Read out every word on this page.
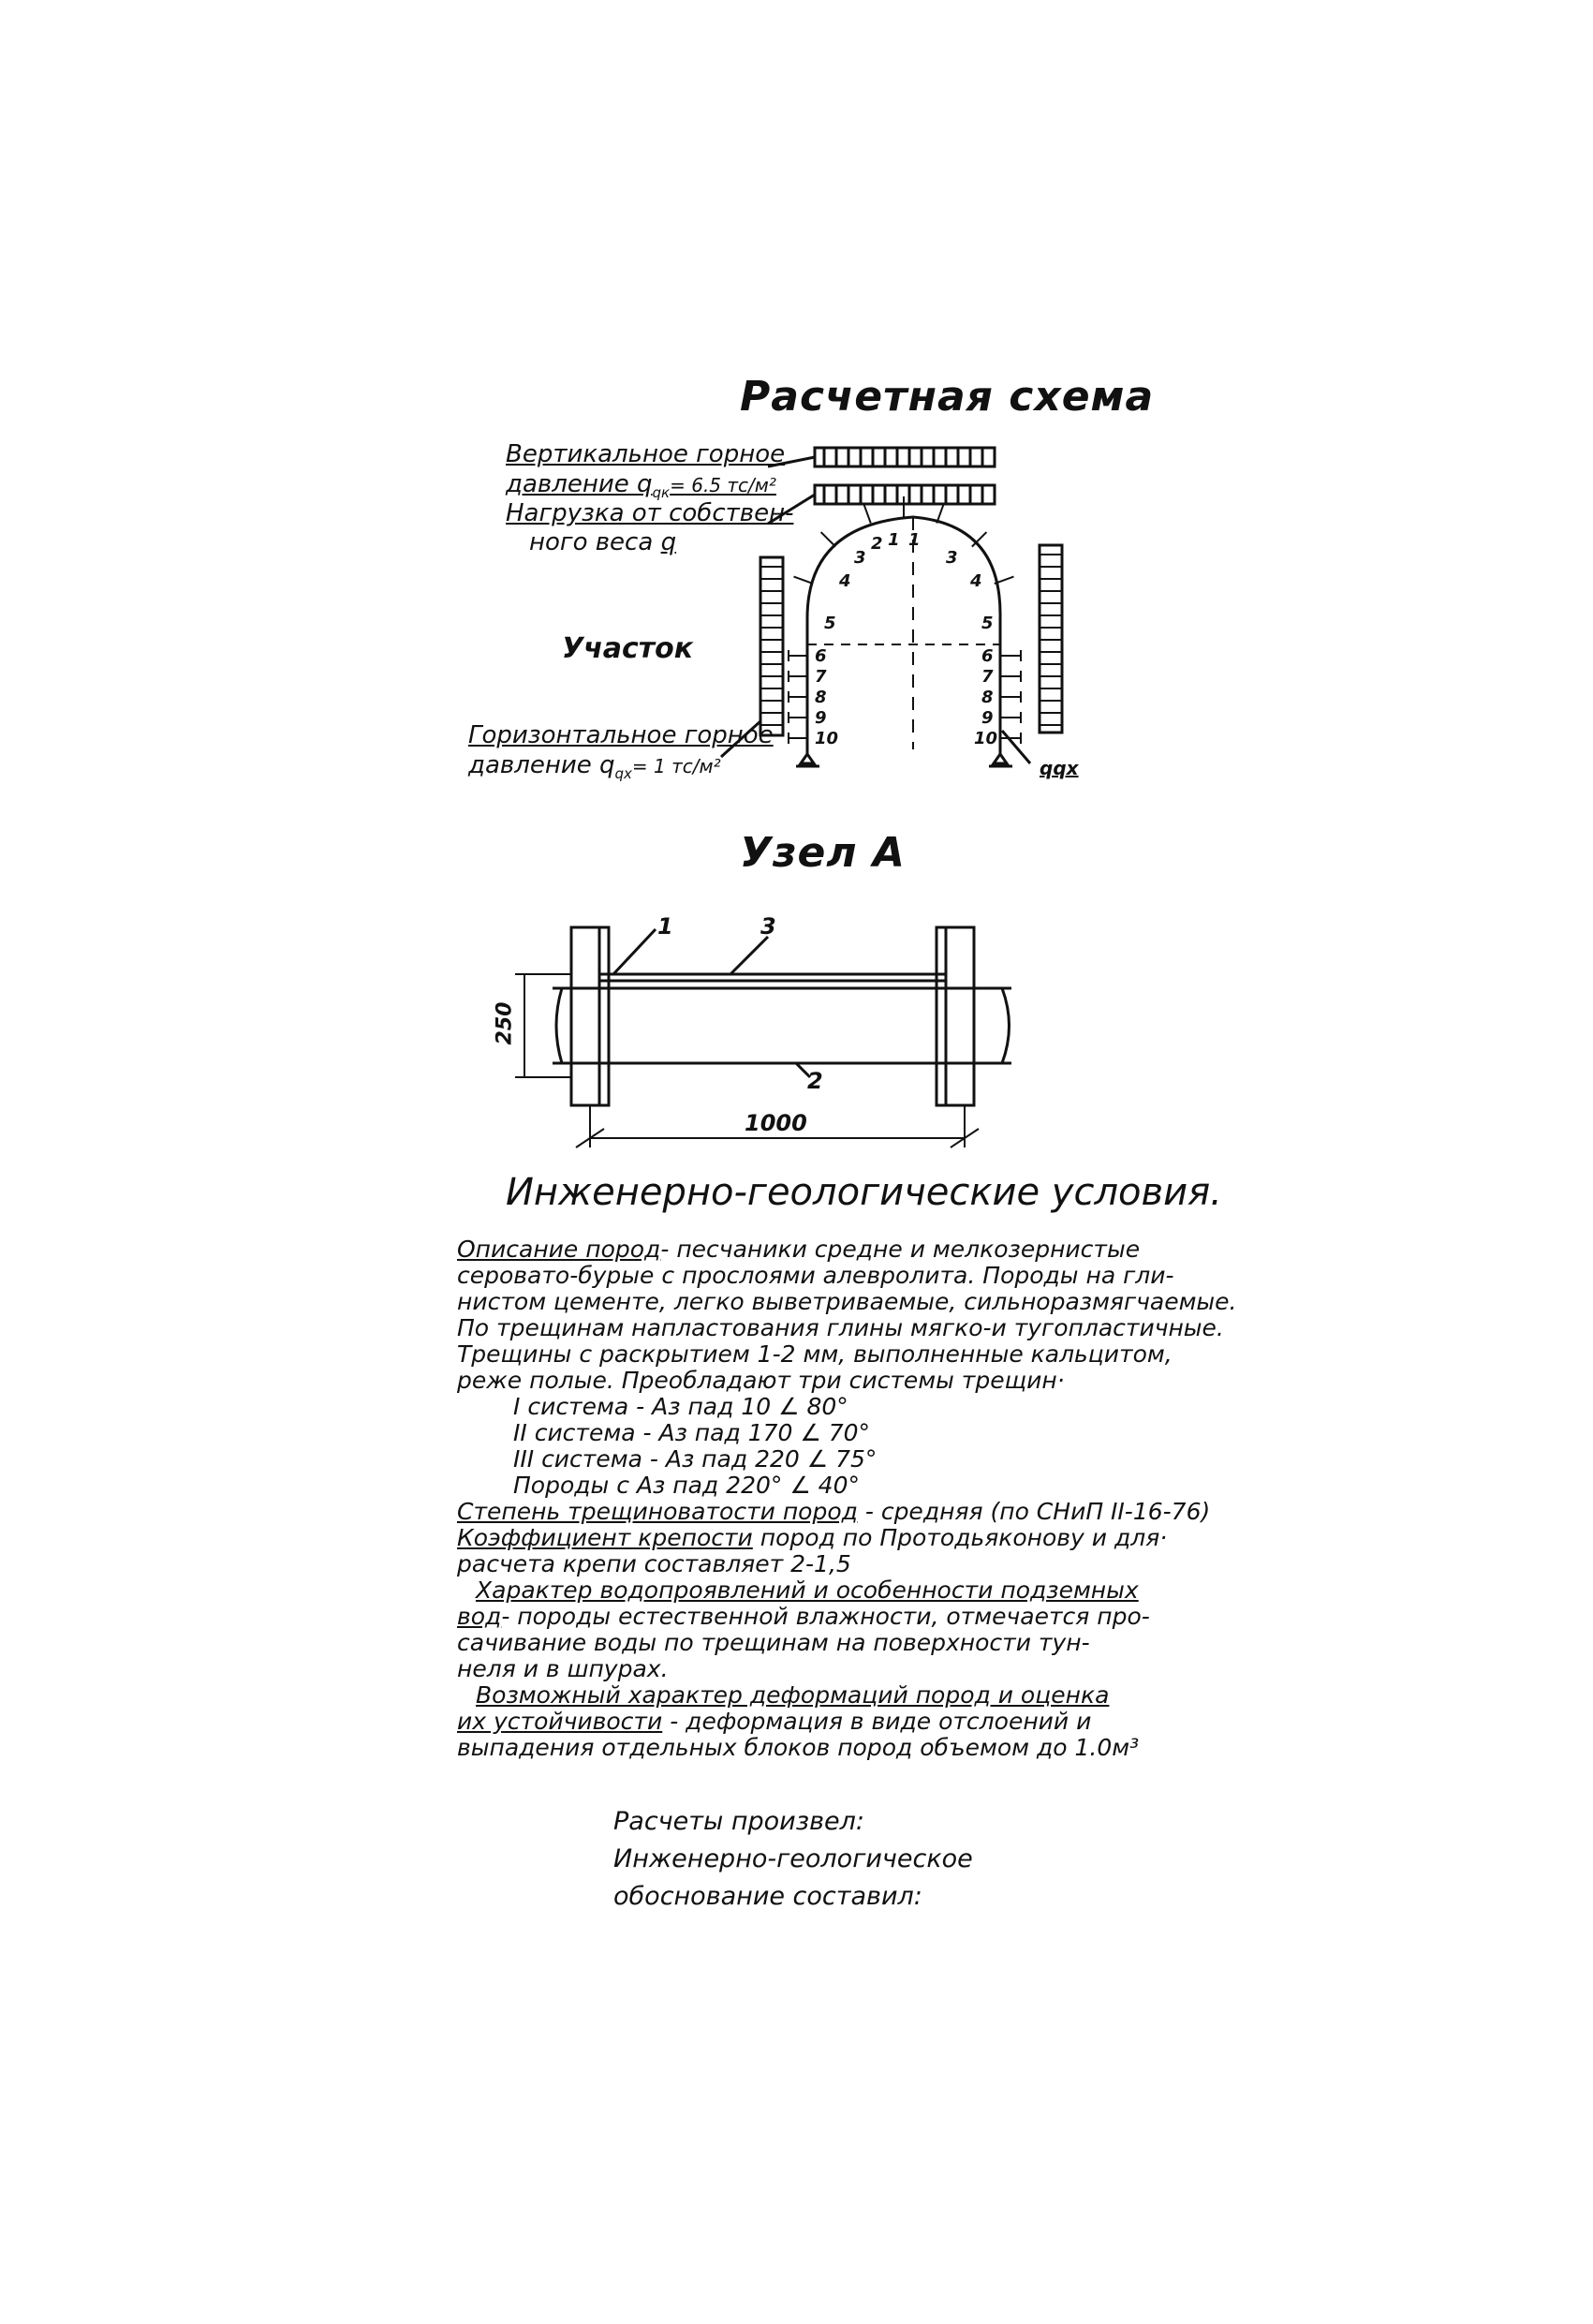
Расчетная схема
Вертикальное горное
давление $q_{qк}= 6.5$ тс/м²
Нагрузка от собствен-
ного веса q
Участок
Горизонтальное горное
давление $q_{qх}= 1$ тс/м²	qqх
1
2
3
4
5
6
7
8
9
10
1
3
4
5
6
7
8
9
10
Узел А
250
1000
1	3
2
Инженерно-геологические условия.
Описание пород- песчаники средне и мелкозернистые
серовато-бурые с прослоями алевролита. Породы на гли-
нистом цементе, легко выветриваемые, сильноразмягчаемые.
По трещинам напластования глины мягко-и тугопластичные.
Трещины с раскрытием 1-2 мм, выполненные кальцитом,
реже полые. Преобладают три системы трещин·
I система - Аз пад 10 ∠ 80°
II система - Аз пад 170 ∠ 70°
III система - Аз пад 220 ∠ 75°
Породы с Аз пад 220° ∠ 40°
Степень трещиноватости пород - средняя (по СНиП II-16-76)
Коэффициент крепости пород по Протодьяконову и для·
расчета крепи составляет 2-1,5
Характер водопроявлений и особенности подземных
вод- породы естественной влажности, отмечается про-
сачивание воды по трещинам на поверхности тун-
неля и в шпурах.
Возможный характер деформаций пород и оценка
их устойчивости - деформация в виде отслоений и
выпадения отдельных блоков пород объемом до 1.0м³
Расчеты произвел:
Инженерно-геологическое
обоснование составил:
